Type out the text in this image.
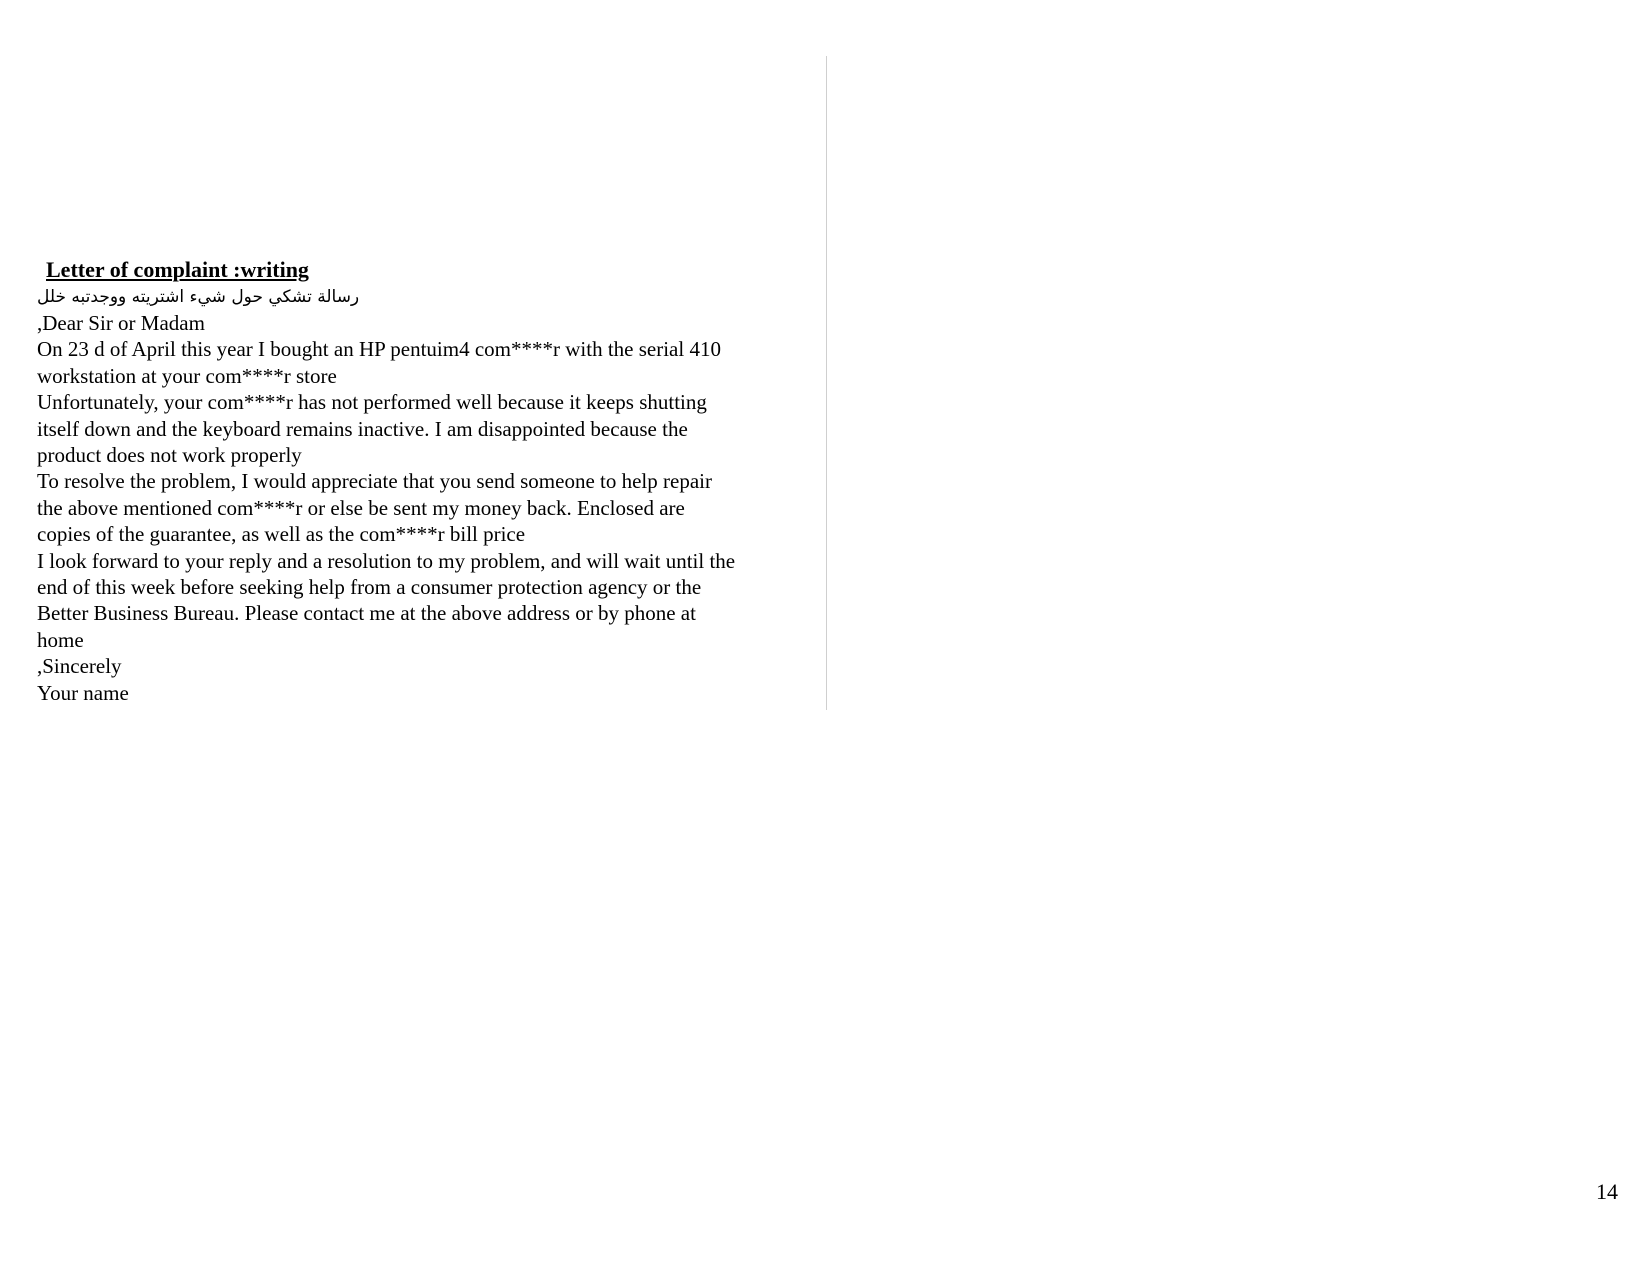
Letter of complaint :writing
رسالة تشكي حول شيء اشتريته ووجدتبه خلل
,Dear Sir or Madam
On 23 d of April this year I bought an HP pentuim4 com****r with the serial 410
workstation at your com****r store
Unfortunately, your com****r has not performed well because it keeps shutting
itself down and the keyboard remains inactive. I am disappointed because the
product does not work properly
To resolve the problem, I would appreciate that you send someone to help repair
the above mentioned com****r or else be sent my money back. Enclosed are
copies of the guarantee, as well as the com****r bill price
I look forward to your reply and a resolution to my problem, and will wait until the
end of this week before seeking help from a consumer protection agency or the
Better Business Bureau. Please contact me at the above address or by phone at
home
,Sincerely
Your name
14
